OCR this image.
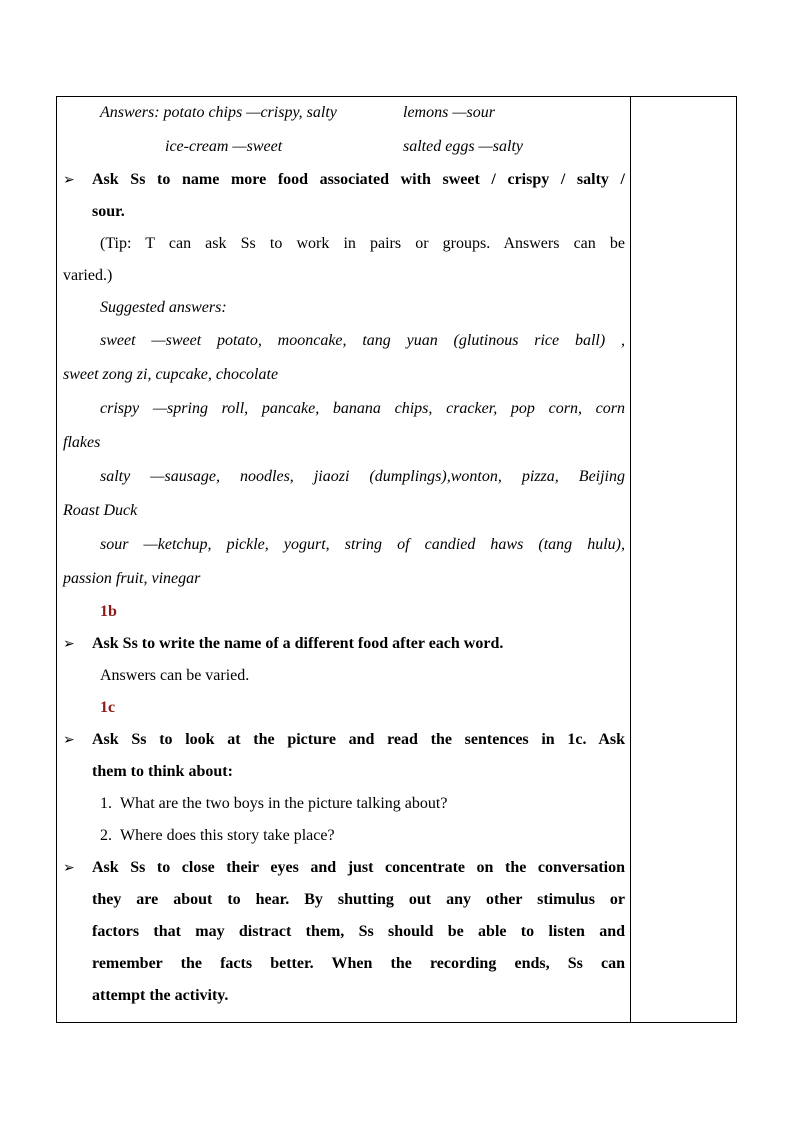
Answers: potato chips —crispy, salty	lemons —sour
ice-cream —sweet	salted eggs —salty
➢	Ask Ss to name more food associated with sweet / crispy / salty /
sour.
(Tip: T can ask Ss to work in pairs or groups. Answers can be
varied.)
Suggested answers:
sweet —sweet potato, mooncake, tang yuan (glutinous rice ball) ,
sweet zong zi, cupcake, chocolate
crispy —spring roll, pancake, banana chips, cracker, pop corn, corn
flakes
salty —sausage, noodles, jiaozi (dumplings),wonton, pizza, Beijing
Roast Duck
sour —ketchup, pickle, yogurt, string of candied haws (tang hulu),
passion fruit, vinegar
1b
➢	Ask Ss to write the name of a different food after each word.
Answers can be varied.
1c
➢	Ask Ss to look at the picture and read the sentences in 1c. Ask
them to think about:
1. What are the two boys in the picture talking about?
2. Where does this story take place?
➢	Ask Ss to close their eyes and just concentrate on the conversation
they are about to hear. By shutting out any other stimulus or
factors that may distract them, Ss should be able to listen and
remember the facts better. When the recording ends, Ss can
attempt the activity.
